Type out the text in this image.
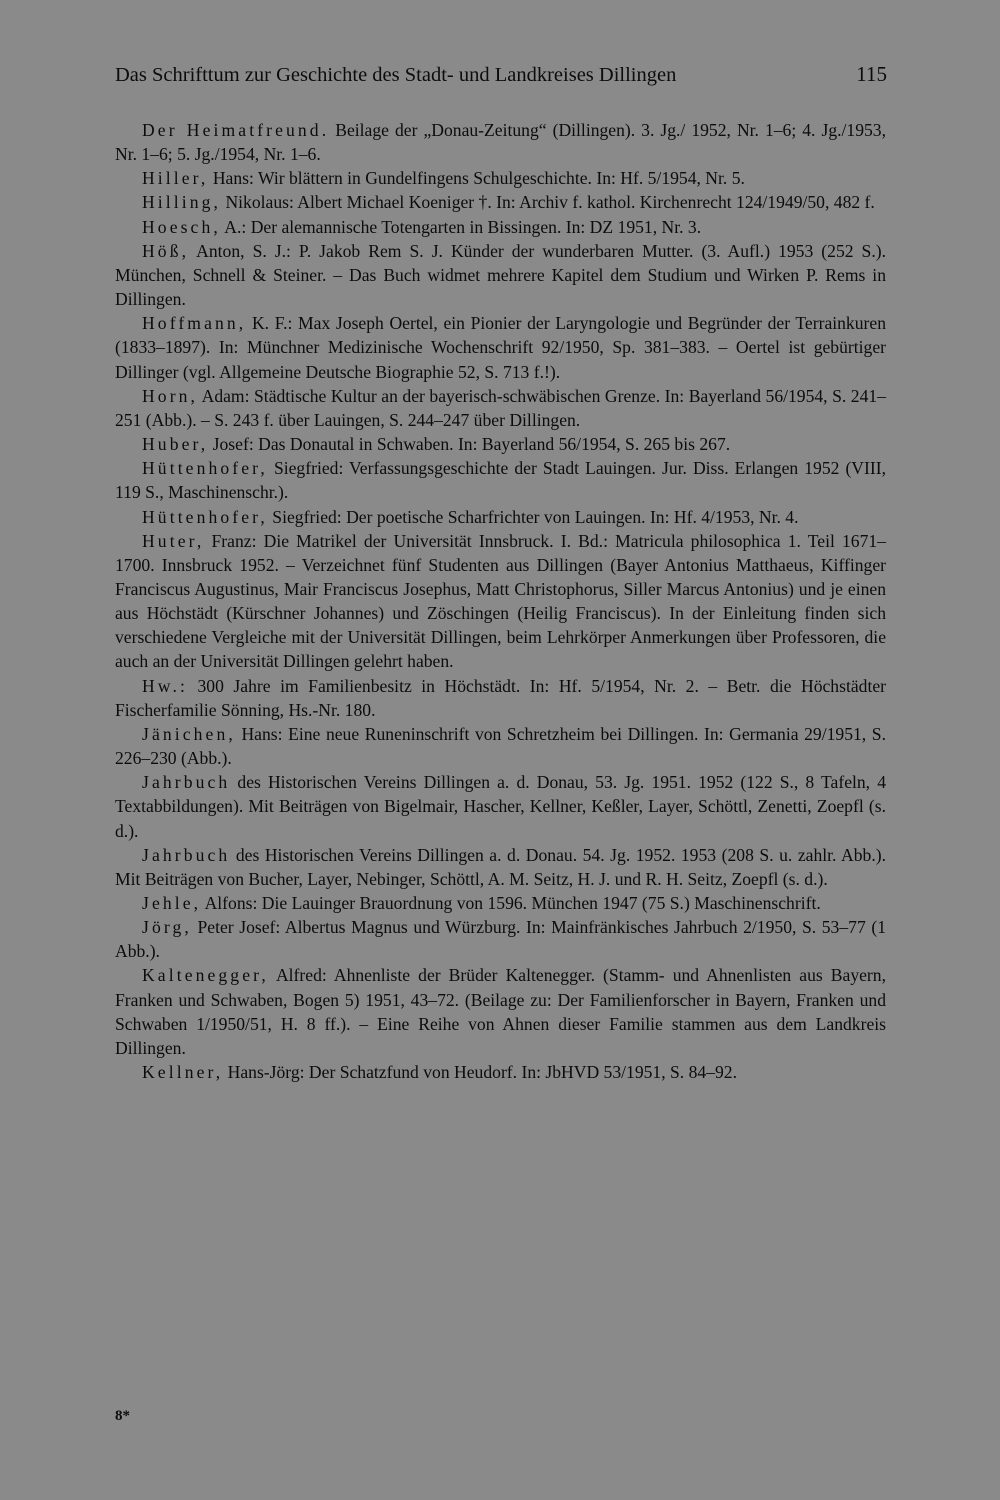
Das Schrifttum zur Geschichte des Stadt- und Landkreises Dillingen	115

Der Heimatfreund. Beilage der „Donau-Zeitung“ (Dillingen). 3. Jg./ 1952, Nr. 1–6; 4. Jg./1953, Nr. 1–6; 5. Jg./1954, Nr. 1–6.

Hiller, Hans: Wir blättern in Gundelfingens Schulgeschichte. In: Hf. 5/1954, Nr. 5.

Hilling, Nikolaus: Albert Michael Koeniger †. In: Archiv f. kathol. Kirchenrecht 124/1949/50, 482 f.

Hoesch, A.: Der alemannische Totengarten in Bissingen. In: DZ 1951, Nr. 3.

Höß, Anton, S. J.: P. Jakob Rem S. J. Künder der wunderbaren Mutter. (3. Aufl.) 1953 (252 S.). München, Schnell & Steiner. – Das Buch widmet mehrere Kapitel dem Studium und Wirken P. Rems in Dillingen.

Hoffmann, K. F.: Max Joseph Oertel, ein Pionier der Laryngologie und Begründer der Terrainkuren (1833–1897). In: Münchner Medizinische Wochenschrift 92/1950, Sp. 381–383. – Oertel ist gebürtiger Dillinger (vgl. Allgemeine Deutsche Biographie 52, S. 713 f.!).

Horn, Adam: Städtische Kultur an der bayerisch-schwäbischen Grenze. In: Bayerland 56/1954, S. 241–251 (Abb.). – S. 243 f. über Lauingen, S. 244–247 über Dillingen.

Huber, Josef: Das Donautal in Schwaben. In: Bayerland 56/1954, S. 265 bis 267.

Hüttenhofer, Siegfried: Verfassungsgeschichte der Stadt Lauingen. Jur. Diss. Erlangen 1952 (VIII, 119 S., Maschinenschr.).

Hüttenhofer, Siegfried: Der poetische Scharfrichter von Lauingen. In: Hf. 4/1953, Nr. 4.

Huter, Franz: Die Matrikel der Universität Innsbruck. I. Bd.: Matricula philosophica 1. Teil 1671–1700. Innsbruck 1952. – Verzeichnet fünf Studenten aus Dillingen (Bayer Antonius Matthaeus, Kiffinger Franciscus Augustinus, Mair Franciscus Josephus, Matt Christophorus, Siller Marcus Antonius) und je einen aus Höchstädt (Kürschner Johannes) und Zöschingen (Heilig Franciscus). In der Einleitung finden sich verschiedene Vergleiche mit der Universität Dillingen, beim Lehrkörper Anmerkungen über Professoren, die auch an der Universität Dillingen gelehrt haben.

Hw.: 300 Jahre im Familienbesitz in Höchstädt. In: Hf. 5/1954, Nr. 2. – Betr. die Höchstädter Fischerfamilie Sönning, Hs.-Nr. 180.

Jänichen, Hans: Eine neue Runeninschrift von Schretzheim bei Dillingen. In: Germania 29/1951, S. 226–230 (Abb.).

Jahrbuch des Historischen Vereins Dillingen a. d. Donau, 53. Jg. 1951. 1952 (122 S., 8 Tafeln, 4 Textabbildungen). Mit Beiträgen von Bigelmair, Hascher, Kellner, Keßler, Layer, Schöttl, Zenetti, Zoepfl (s. d.).

Jahrbuch des Historischen Vereins Dillingen a. d. Donau. 54. Jg. 1952. 1953 (208 S. u. zahlr. Abb.). Mit Beiträgen von Bucher, Layer, Nebinger, Schöttl, A. M. Seitz, H. J. und R. H. Seitz, Zoepfl (s. d.).

Jehle, Alfons: Die Lauinger Brauordnung von 1596. München 1947 (75 S.) Maschinenschrift.

Jörg, Peter Josef: Albertus Magnus und Würzburg. In: Mainfränkisches Jahrbuch 2/1950, S. 53–77 (1 Abb.).

Kaltenegger, Alfred: Ahnenliste der Brüder Kaltenegger. (Stamm- und Ahnenlisten aus Bayern, Franken und Schwaben, Bogen 5) 1951, 43–72. (Beilage zu: Der Familienforscher in Bayern, Franken und Schwaben 1/1950/51, H. 8 ff.). – Eine Reihe von Ahnen dieser Familie stammen aus dem Landkreis Dillingen.

Kellner, Hans-Jörg: Der Schatzfund von Heudorf. In: JbHVD 53/1951, S. 84–92.

8*
